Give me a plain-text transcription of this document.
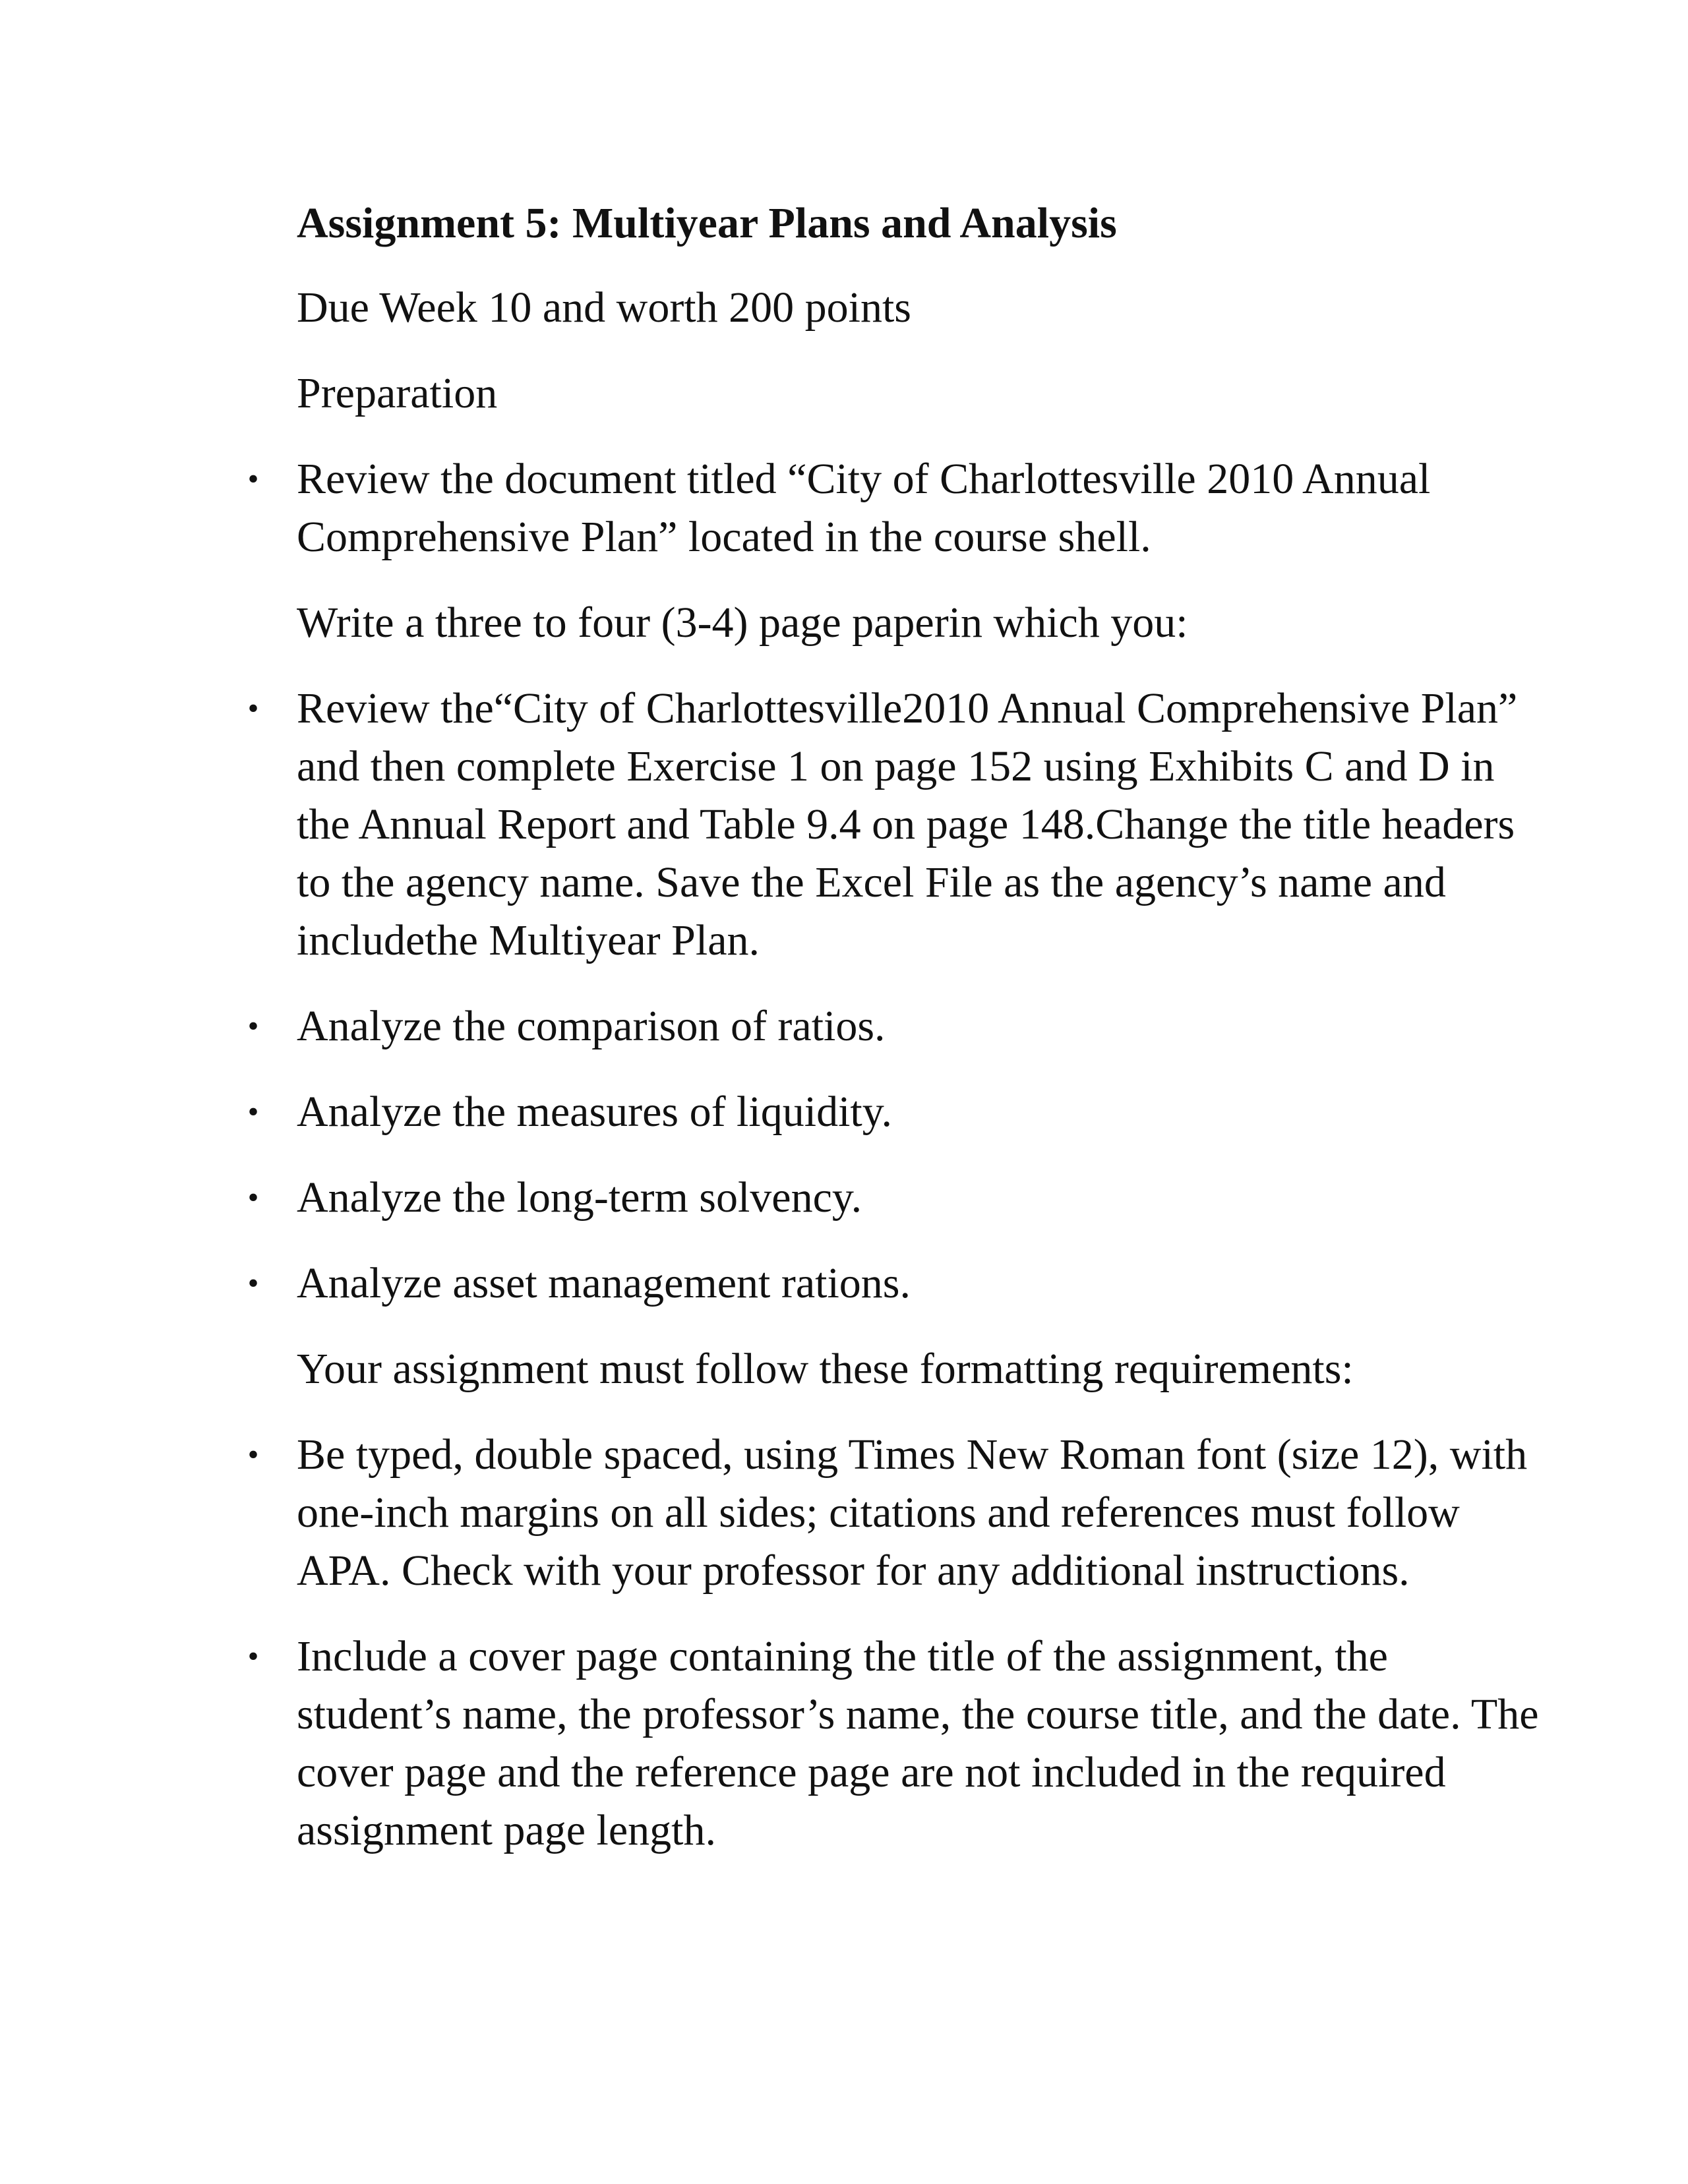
Assignment 5: Multiyear Plans and Analysis
Due Week 10 and worth 200 points
Preparation
• Review the document titled “City of Charlottesville 2010 Annual Comprehensive Plan” located in the course shell.
Write a three to four (3-4) page paperin which you:
• Review the“City of Charlottesville2010 Annual Comprehensive Plan” and then complete Exercise 1 on page 152 using Exhibits C and D in the Annual Report and Table 9.4 on page 148.Change the title headers to the agency name. Save the Excel File as the agency’s name and includethe Multiyear Plan.
• Analyze the comparison of ratios.
• Analyze the measures of liquidity.
• Analyze the long-term solvency.
• Analyze asset management rations.
Your assignment must follow these formatting requirements:
• Be typed, double spaced, using Times New Roman font (size 12), with one-inch margins on all sides; citations and references must follow APA. Check with your professor for any additional instructions.
• Include a cover page containing the title of the assignment, the student’s name, the professor’s name, the course title, and the date. The cover page and the reference page are not included in the required assignment page length.
